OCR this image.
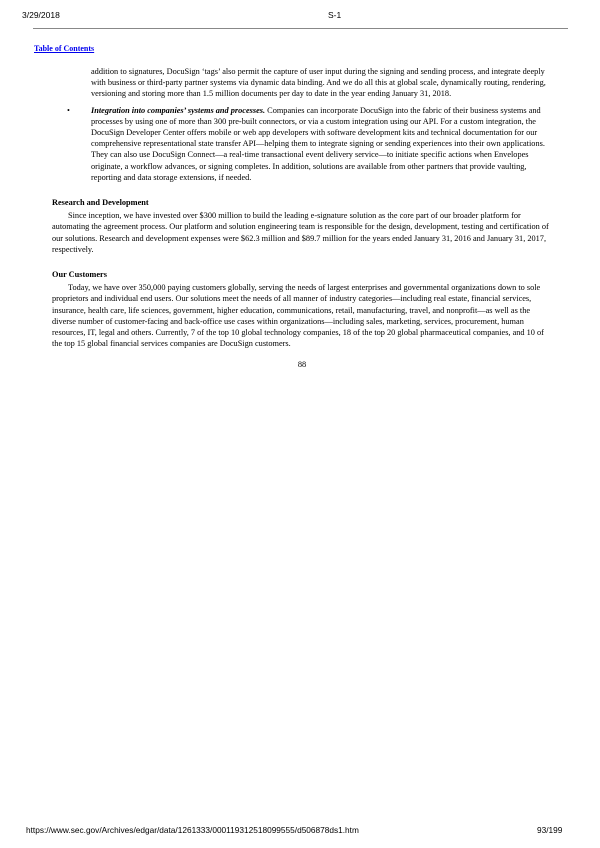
3/29/2018	S-1
Table of Contents

addition to signatures, DocuSign ‘tags’ also permit the capture of user input during the signing and sending process, and integrate deeply with business or third-party partner systems via dynamic data binding. And we do all this at global scale, dynamically routing, rendering, versioning and storing more than 1.5 million documents per day to date in the year ending January 31, 2018.

•	Integration into companies’ systems and processes. Companies can incorporate DocuSign into the fabric of their business systems and processes by using one of more than 300 pre-built connectors, or via a custom integration using our API. For a custom integration, the DocuSign Developer Center offers mobile or web app developers with software development kits and technical documentation for our comprehensive representational state transfer API—helping them to integrate signing or sending experiences into their own applications. They can also use DocuSign Connect—a real-time transactional event delivery service—to initiate specific actions when Envelopes originate, a workflow advances, or signing completes. In addition, solutions are available from other partners that provide vaulting, reporting and data storage extensions, if needed.

Research and Development

Since inception, we have invested over $300 million to build the leading e-signature solution as the core part of our broader platform for automating the agreement process. Our platform and solution engineering team is responsible for the design, development, testing and certification of our solutions. Research and development expenses were $62.3 million and $89.7 million for the years ended January 31, 2016 and January 31, 2017, respectively.

Our Customers

Today, we have over 350,000 paying customers globally, serving the needs of largest enterprises and governmental organizations down to sole proprietors and individual end users. Our solutions meet the needs of all manner of industry categories—including real estate, financial services, insurance, health care, life sciences, government, higher education, communications, retail, manufacturing, travel, and nonprofit—as well as the diverse number of customer-facing and back-office use cases within organizations—including sales, marketing, services, procurement, human resources, IT, legal and others. Currently, 7 of the top 10 global technology companies, 18 of the top 20 global pharmaceutical companies, and 10 of the top 15 global financial services companies are DocuSign customers.

88

https://www.sec.gov/Archives/edgar/data/1261333/000119312518099555/d506878ds1.htm	93/199
